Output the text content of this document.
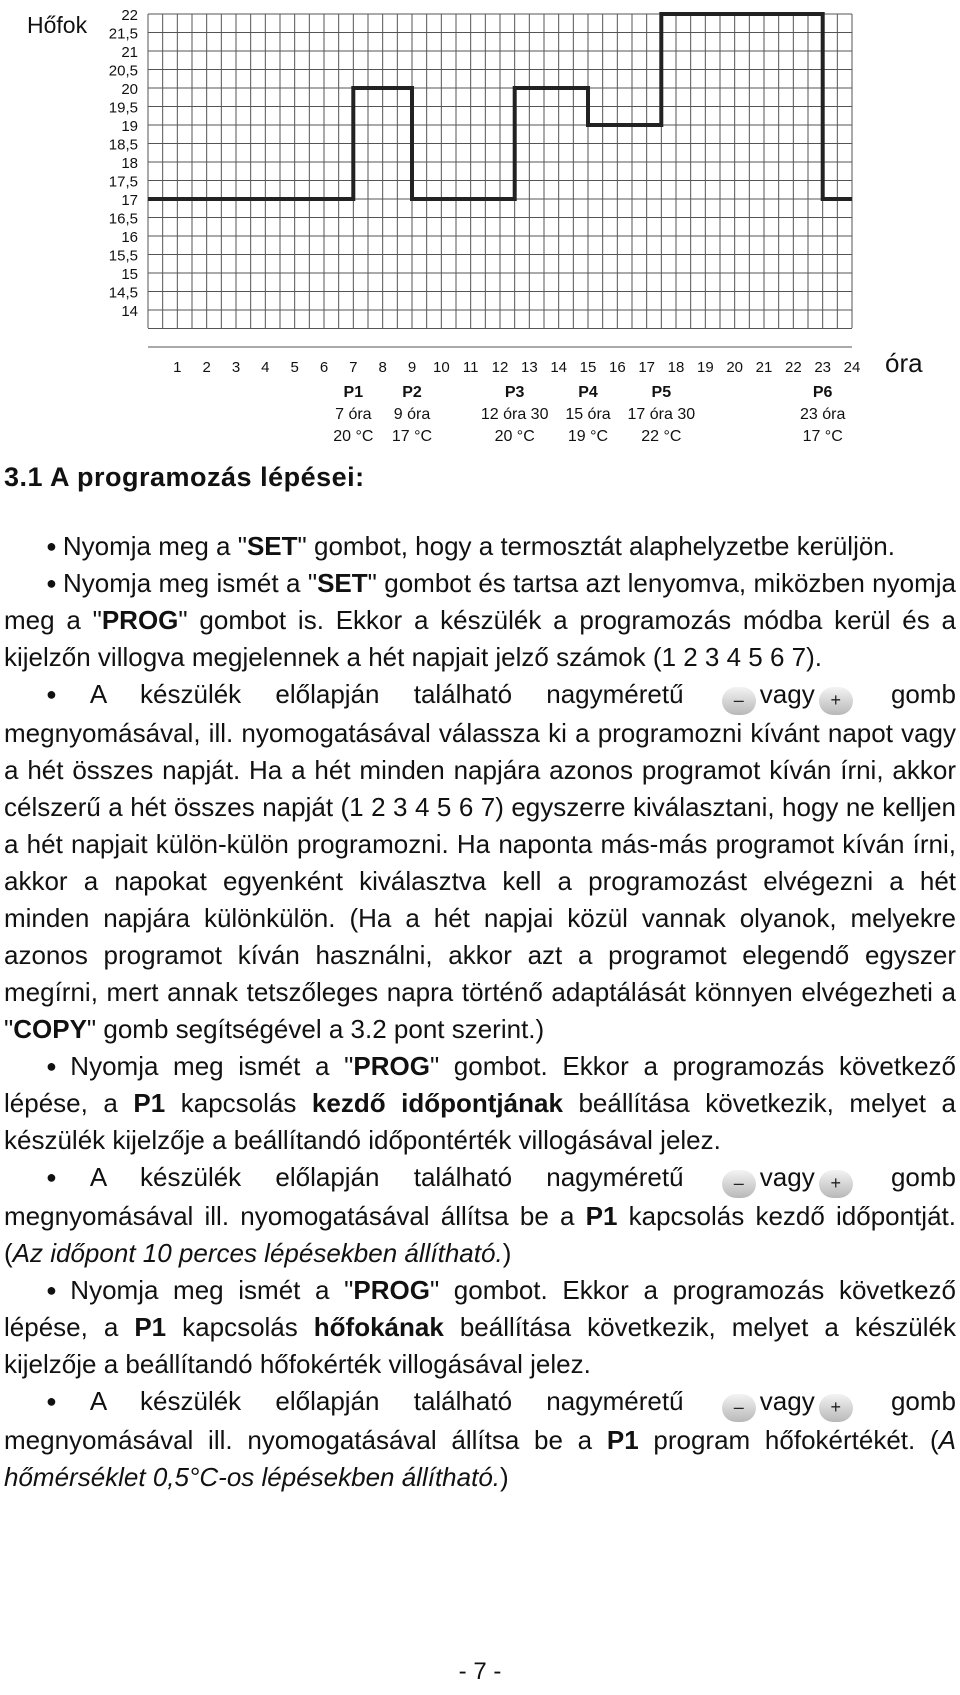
22
21,5
21
20,5
20
19,5
19
18,5
18
17,5
17
16,5
16
15,5
15
14,5
14
1 2 3 4 5 6 7 8 9 10 11 12 13 14 15 16 17 18 19 20 21 22 23 24
P1
7 óra
20 °C
P2
9 óra
17 °C
P3
12 óra 30
20 °C
P4
15 óra
19 °C
P5
17 óra 30
22 °C
P6
23 óra
17 °C
Hőfok
óra
3.1 A programozás lépései:

● Nyomja meg a "SET" gombot, hogy a termosztát alaphelyzetbe kerüljön.

● Nyomja meg ismét a "SET" gombot és tartsa azt lenyomva, miközben nyomja meg a "PROG" gombot is. Ekkor a készülék a programozás módba kerül és a kijelzőn villogva megjelennek a hét napjait jelző számok (1 2 3 4 5 6 7).

● A készülék előlapján található nagyméretű	– vagy + gomb megnyomásával, ill. nyomogatásával válassza ki a programozni kívánt napot vagy a hét összes napját. Ha a hét minden napjára azonos programot kíván írni, akkor célszerű a hét összes napját (1 2 3 4 5 6 7) egyszerre kiválasztani, hogy ne kelljen a hét napjait külön-külön programozni. Ha naponta más-más programot kíván írni, akkor a napokat egyenként kiválasztva kell a programozást elvégezni a hét minden napjára különkülön. (Ha a hét napjai közül vannak olyanok, melyekre azonos programot kíván használni, akkor azt a programot elegendő egyszer megírni, mert annak tetszőleges napra történő adaptálását könnyen elvégezheti a "COPY" gomb segítségével a 3.2 pont szerint.)

● Nyomja meg ismét a "PROG" gombot. Ekkor a programozás következő lépése, a P1 kapcsolás kezdő időpontjának beállítása következik, melyet a készülék kijelzője a beállítandó időpontérték villogásával jelez.

● A készülék előlapján található nagyméretű	– vagy + gomb megnyomásával ill. nyomogatásával állítsa be a P1 kapcsolás kezdő időpontját. (Az időpont 10 perces lépésekben állítható.)

● Nyomja meg ismét a "PROG" gombot. Ekkor a programozás következő lépése, a P1 kapcsolás hőfokának beállítása következik, melyet a készülék kijelzője a beállítandó hőfokérték villogásával jelez.

● A készülék előlapján található nagyméretű	– vagy + gomb megnyomásával ill. nyomogatásával állítsa be a P1 program hőfokértékét. (A hőmérséklet 0,5°C-os lépésekben állítható.)

- 7 -
